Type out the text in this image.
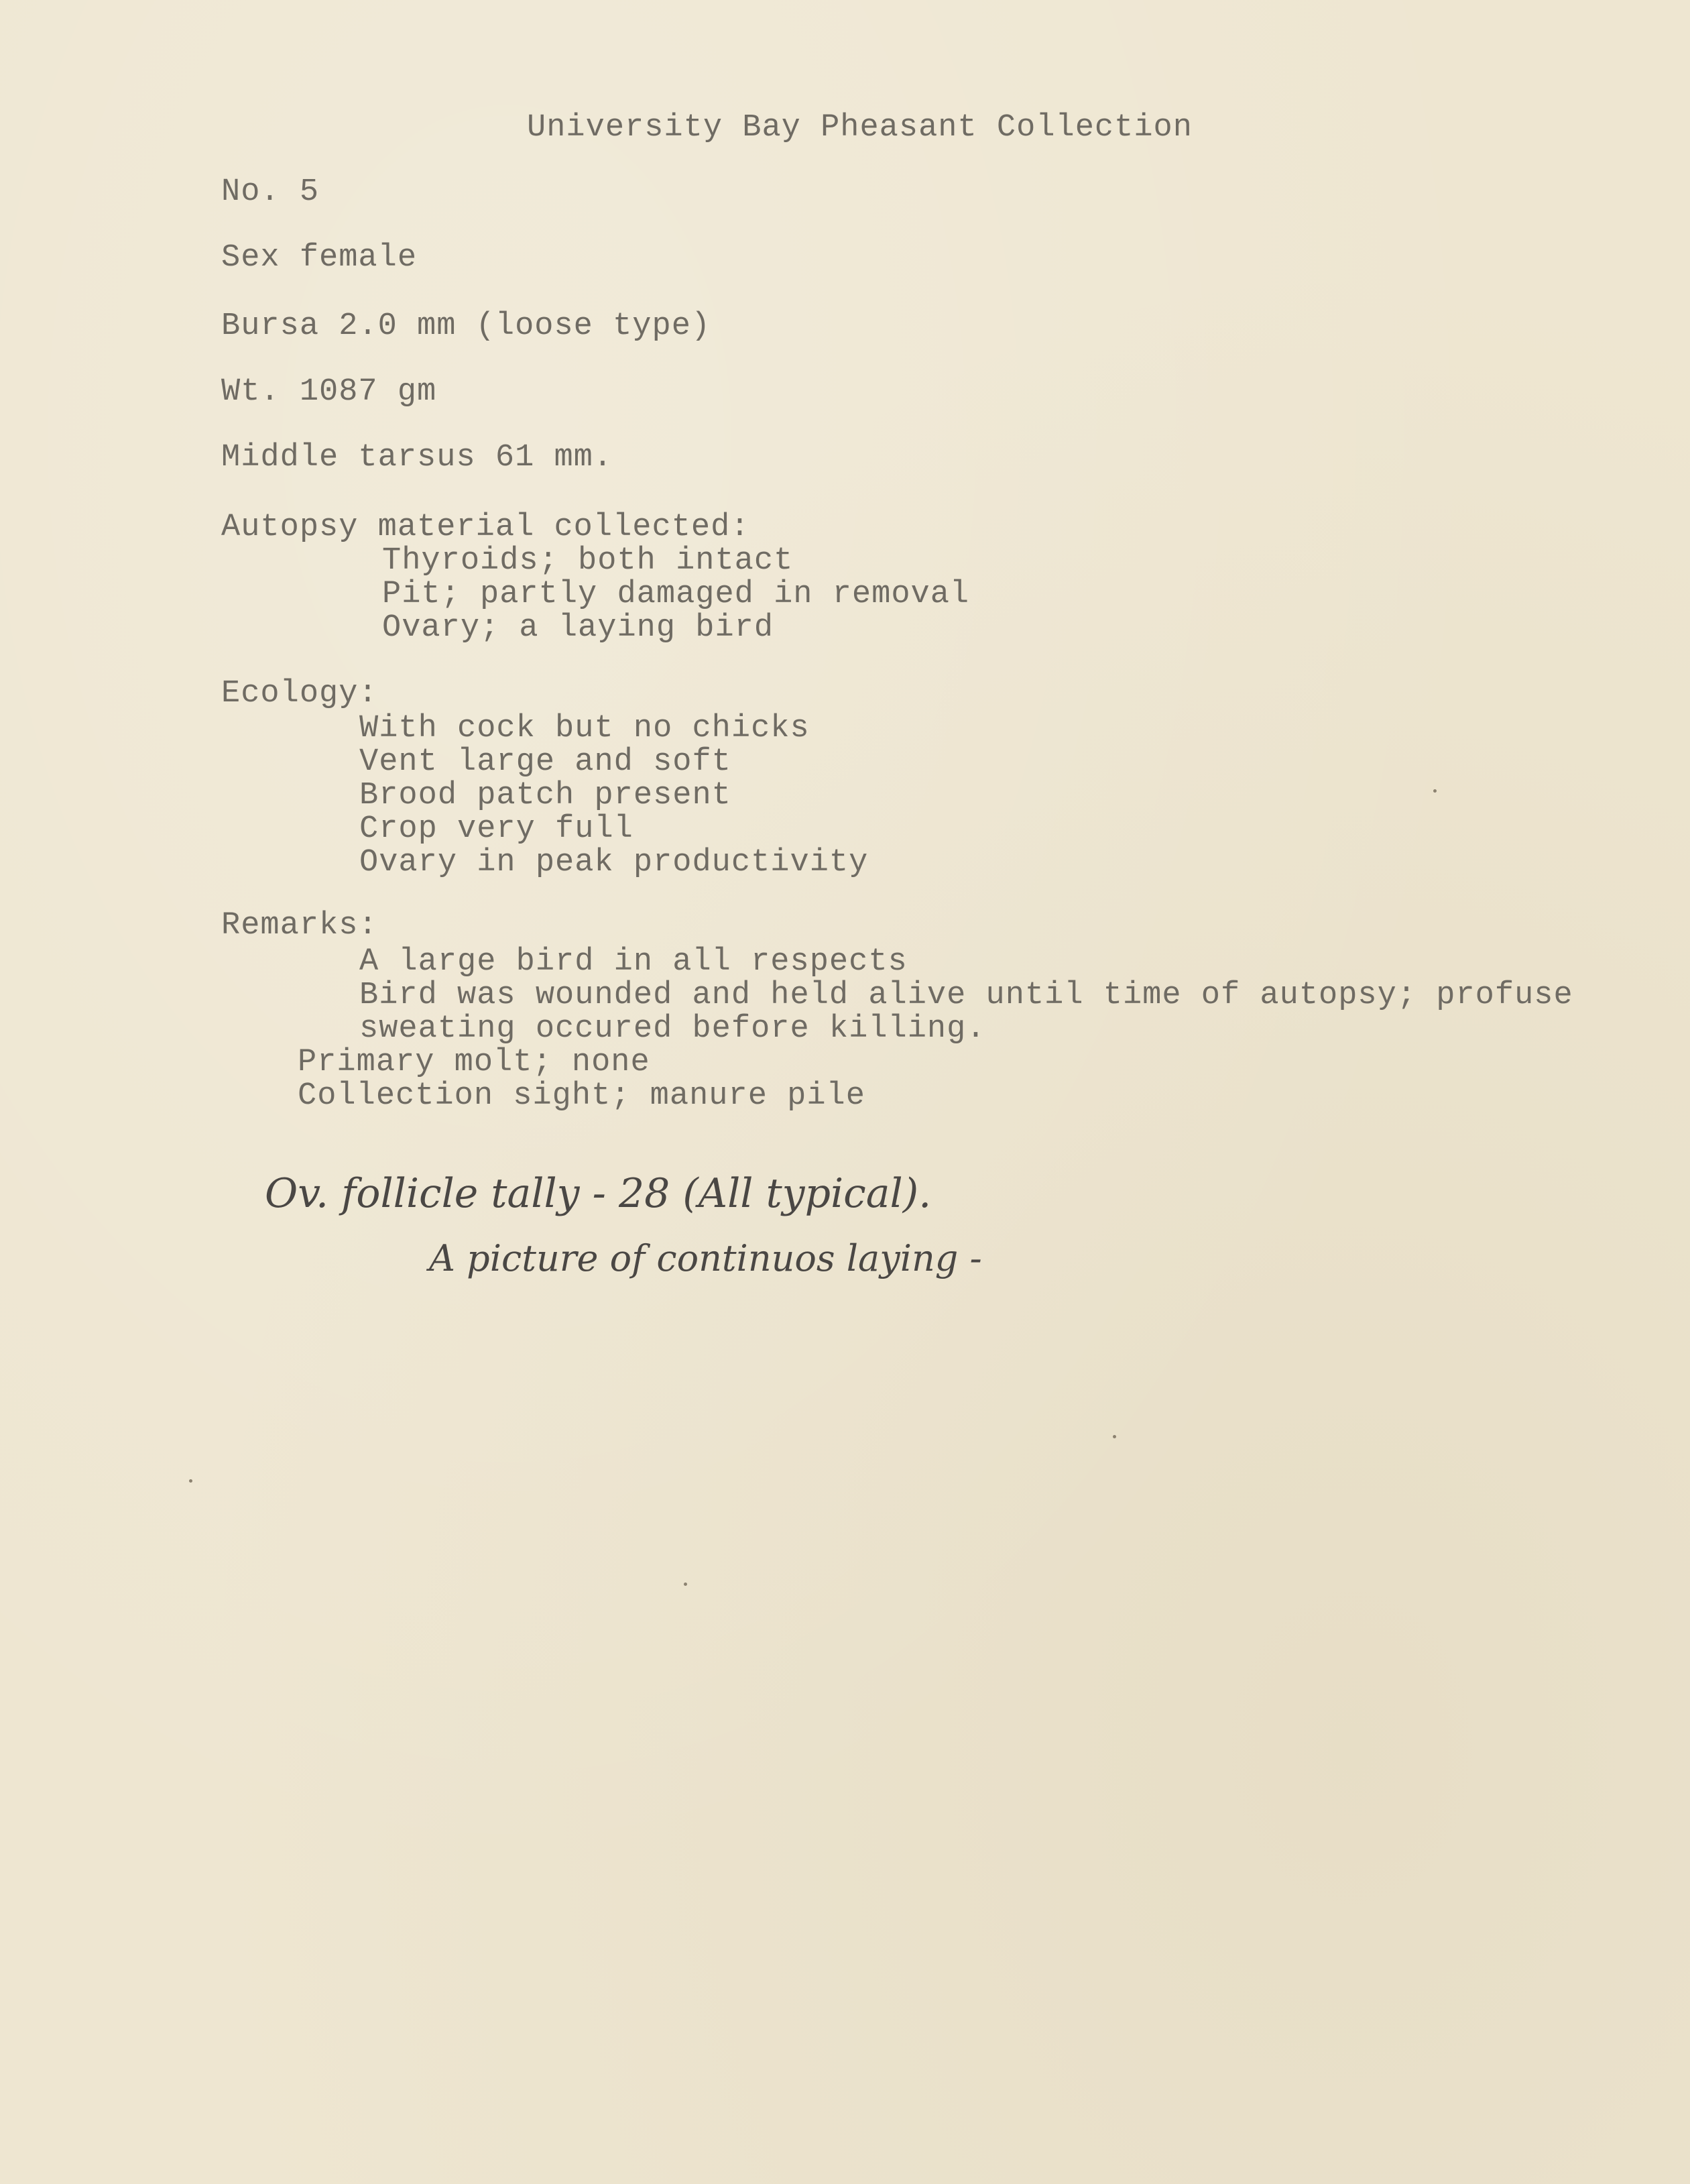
University Bay Pheasant Collection
No. 5
Sex female
Bursa 2.0 mm (loose type)
Wt. 1087 gm
Middle tarsus 61 mm.
Autopsy material collected:
Thyroids; both intact
Pit; partly damaged in removal
Ovary; a laying bird
Ecology:
With cock but no chicks
Vent large and soft
Brood patch present
Crop very full
Ovary in peak productivity
Remarks:
A large bird in all respects
Bird was wounded and held alive until time of autopsy; profuse
sweating occured before killing.
Primary molt; none
Collection sight; manure pile
Ov. follicle tally - 28 (All typical).
A picture of continuos laying -
